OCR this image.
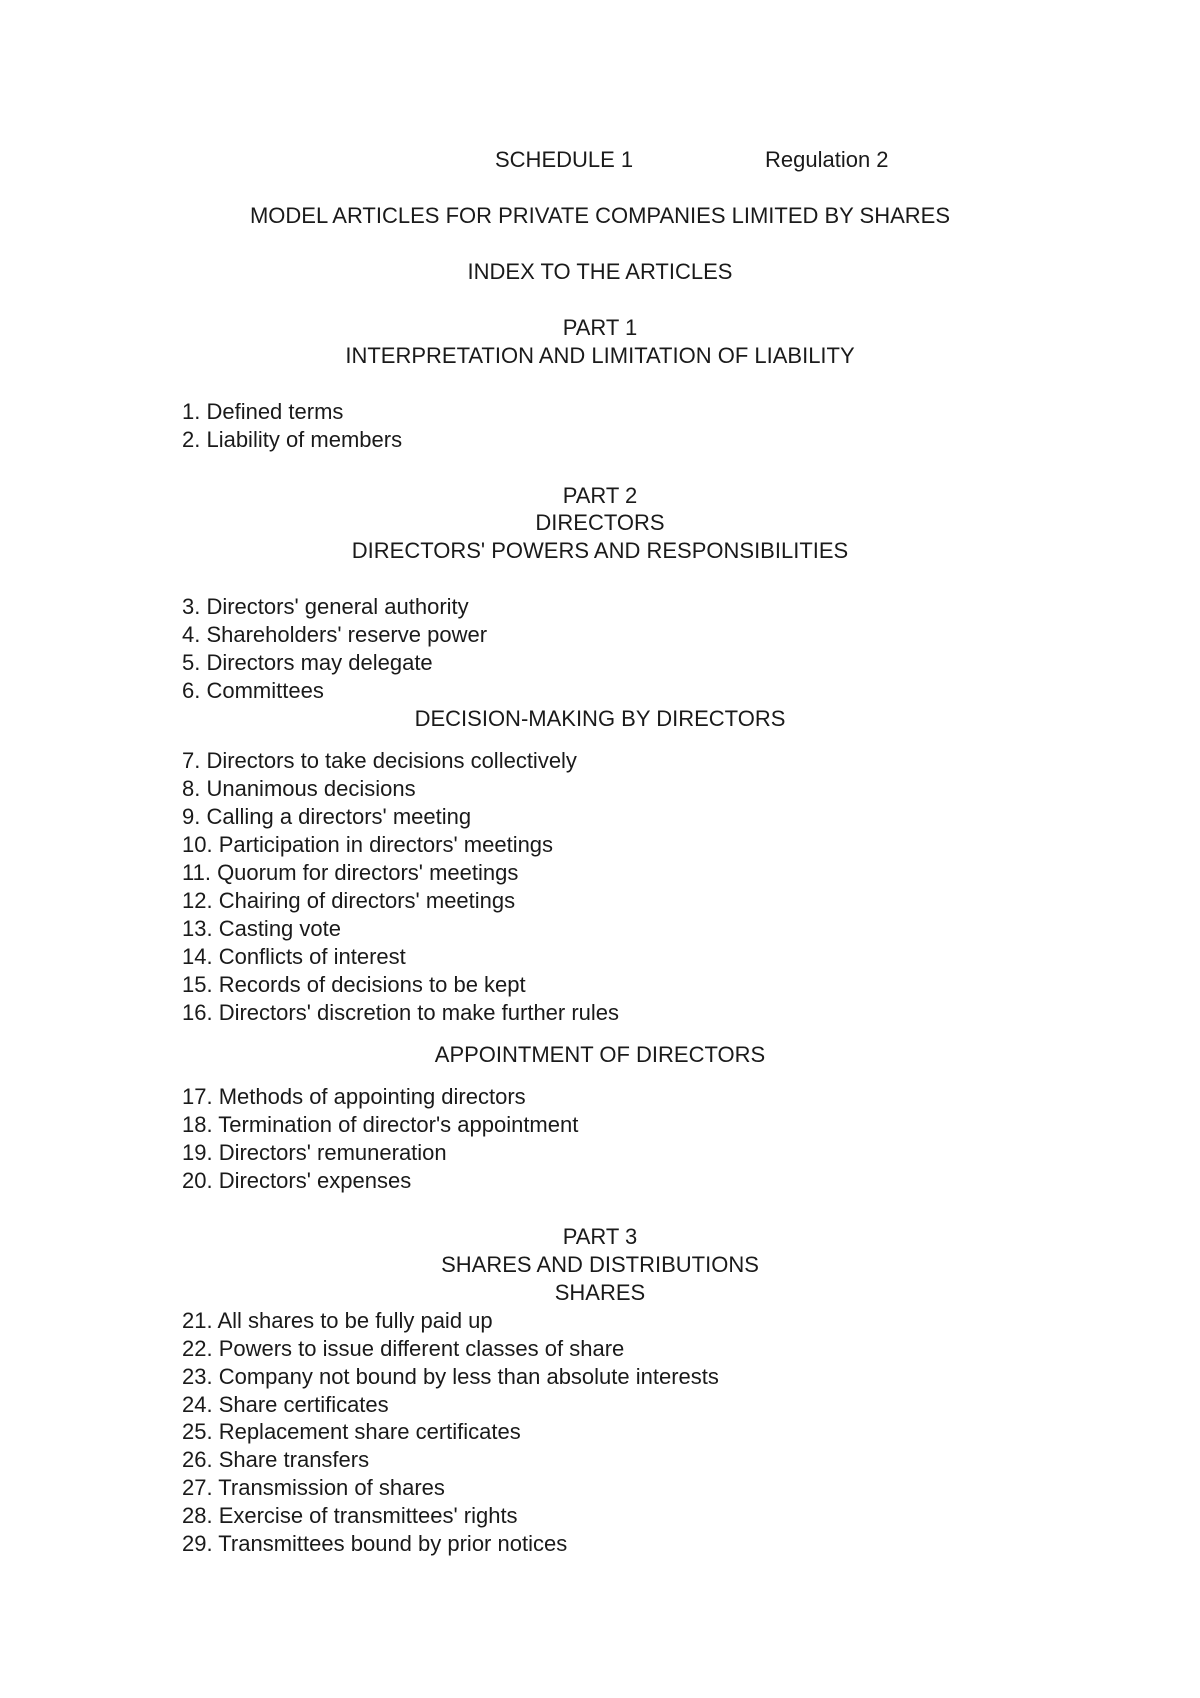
SCHEDULE 1	Regulation 2
MODEL ARTICLES FOR PRIVATE COMPANIES LIMITED BY SHARES
INDEX TO THE ARTICLES
PART 1
INTERPRETATION AND LIMITATION OF LIABILITY
1. Defined terms
2. Liability of members
PART 2
DIRECTORS
DIRECTORS' POWERS AND RESPONSIBILITIES
3. Directors' general authority
4. Shareholders' reserve power
5. Directors may delegate
6. Committees
DECISION-MAKING BY DIRECTORS
7. Directors to take decisions collectively
8. Unanimous decisions
9. Calling a directors' meeting
10. Participation in directors' meetings
11. Quorum for directors' meetings
12. Chairing of directors' meetings
13. Casting vote
14. Conflicts of interest
15. Records of decisions to be kept
16. Directors' discretion to make further rules
APPOINTMENT OF DIRECTORS
17. Methods of appointing directors
18. Termination of director's appointment
19. Directors' remuneration
20. Directors' expenses
PART 3
SHARES AND DISTRIBUTIONS
SHARES
21. All shares to be fully paid up
22. Powers to issue different classes of share
23. Company not bound by less than absolute interests
24. Share certificates
25. Replacement share certificates
26. Share transfers
27. Transmission of shares
28. Exercise of transmittees' rights
29. Transmittees bound by prior notices
